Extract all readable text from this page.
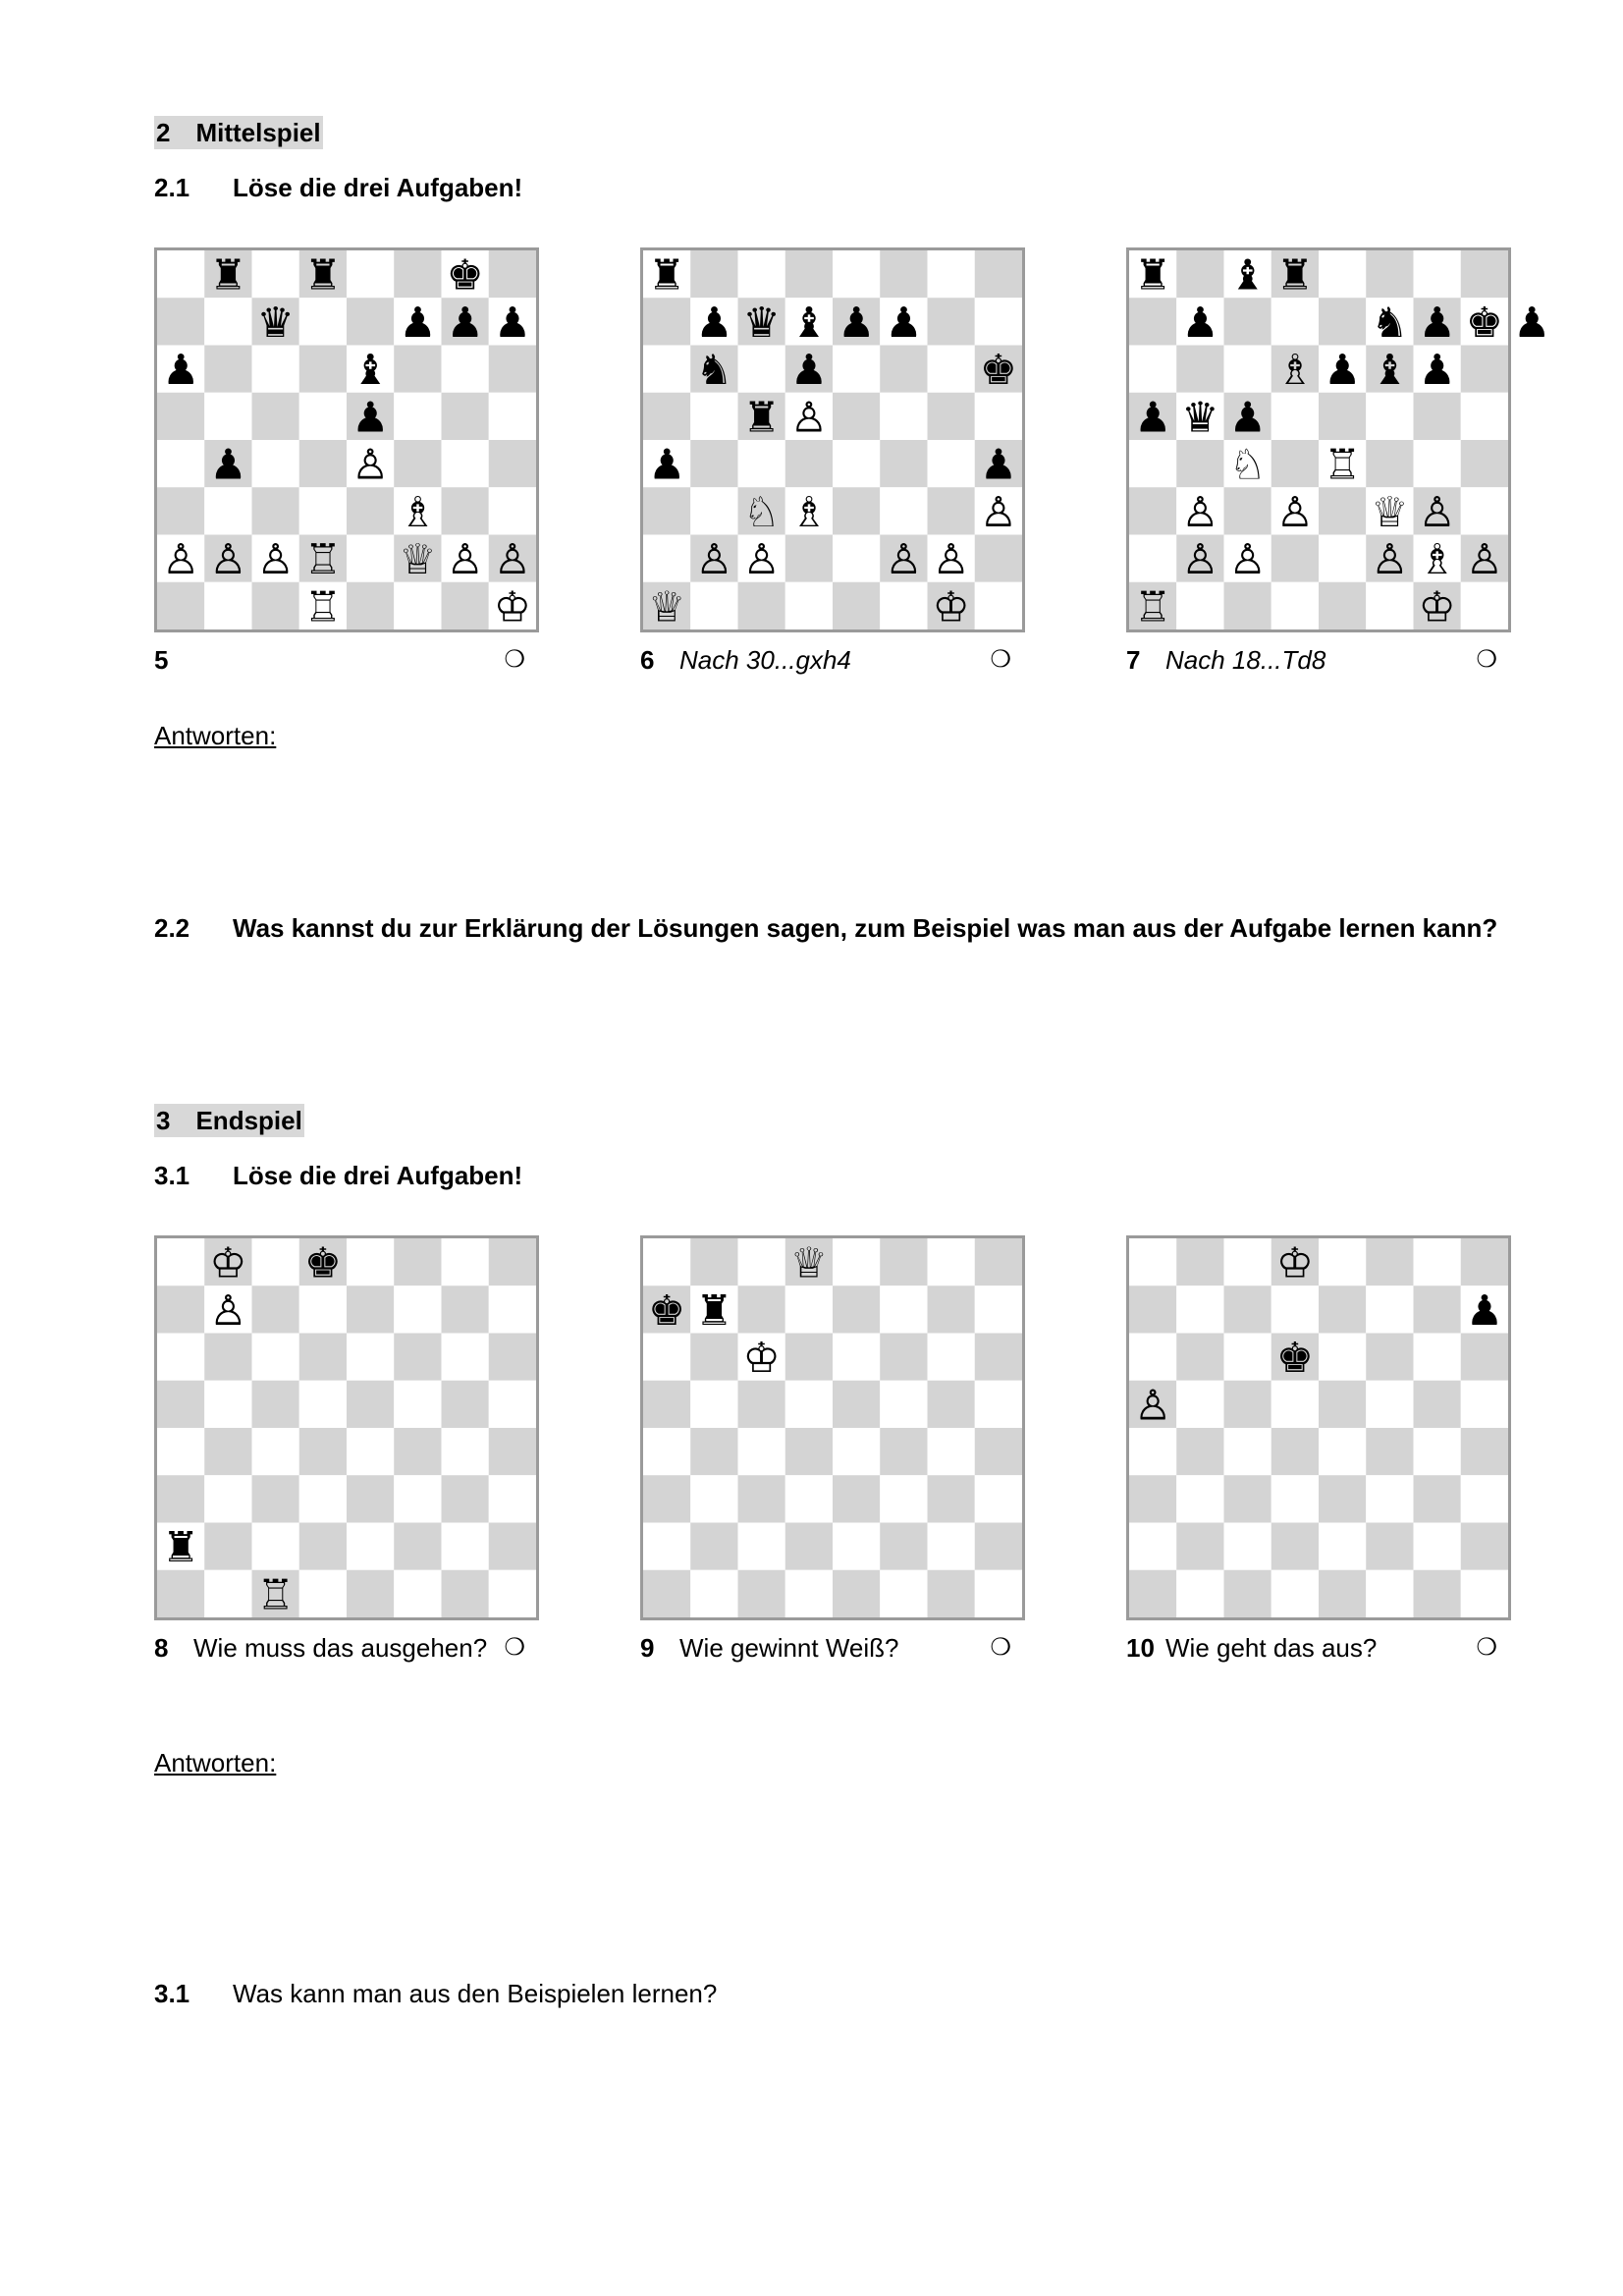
2 Mittelspiel
2.1 Löse die drei Aufgaben!
♜ ♜	♚
♛	♟ ♟ ♟
♟	♝
♟
♟	♙
♗
♙ ♙ ♙ ♖ ♕ ♙ ♙
♖	♔
♜
♟ ♛ ♝ ♟ ♟
♞ ♟	♚
♜ ♙
♟	♟
♘ ♗	♙
♙ ♙	♙ ♙
♕	♔
♜ ♝ ♜
♟	♞ ♟ ♚ ♟
♗ ♟ ♝ ♟
♟ ♛ ♟
♘ ♖
♙ ♙ ♕ ♙
♙ ♙	♙ ♗ ♙
♖	♔
5	❍	6 Nach 30...gxh4	❍	7 Nach 18...Td8	❍
Antworten:
2.2 Was kannst du zur Erklärung der Lösungen sagen, zum Beispiel was man aus der Aufgabe lernen kann?
3 Endspiel
3.1 Löse die drei Aufgaben!
♔ ♚
♙
♜
♖
♕
♚ ♜
♔
♔
♟
♚
♙
8 Wie muss das ausgehen? ❍	9 Wie gewinnt Weiß?	❍	10 Wie geht das aus?	❍
Antworten:
3.1 Was kann man aus den Beispielen lernen?
